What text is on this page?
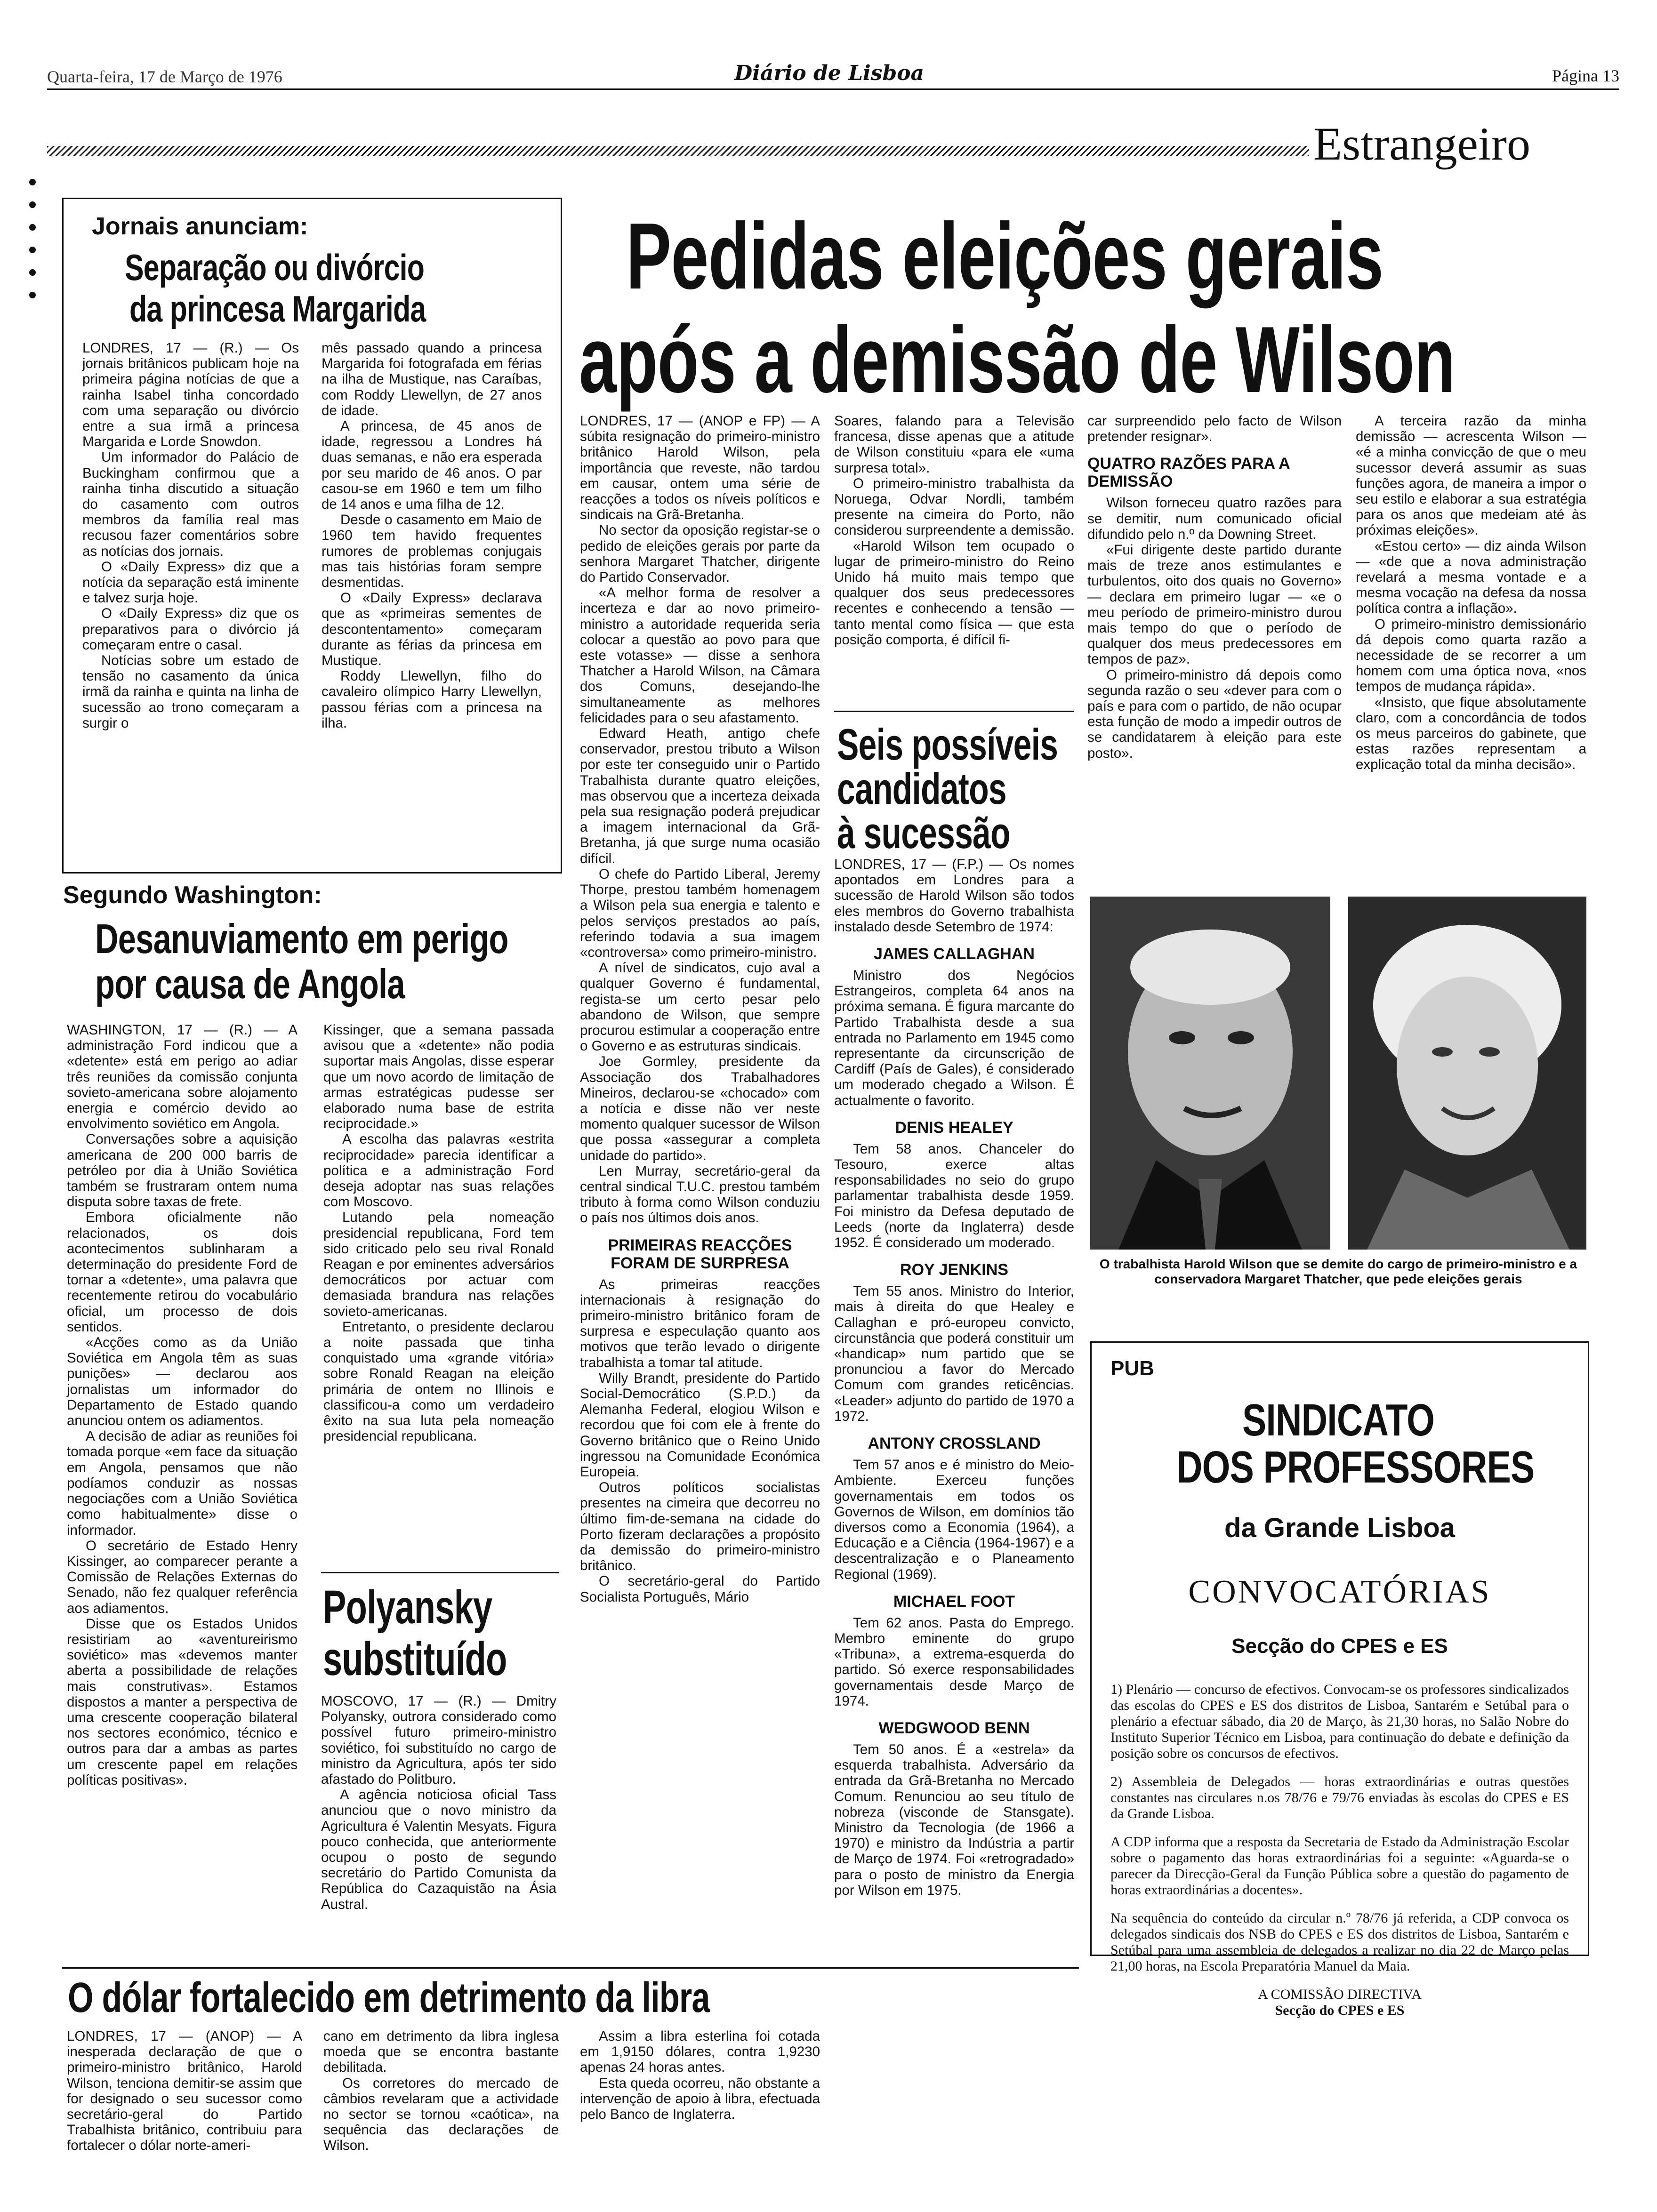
Quarta-feira, 17 de Março de 1976	Diário de Lisboa	Página 13
Estrangeiro
Jornais anunciam:
Separação ou divórcio
da princesa Margarida

LONDRES, 17 — (R.) — Os jornais britânicos publicam hoje na primeira página notícias de que a rainha Isabel tinha concordado com uma separação ou divórcio entre a sua irmã a princesa Margarida e Lorde Snowdon.

Um informador do Palácio de Buckingham confirmou que a rainha tinha discutido a situação do casamento com outros membros da família real mas recusou fazer comentários sobre as notícias dos jornais.

O «Daily Express» diz que a notícia da separação está iminente e talvez surja hoje.

O «Daily Express» diz que os preparativos para o divórcio já começaram entre o casal.

Notícias sobre um estado de tensão no casamento da única irmã da rainha e quinta na linha de sucessão ao trono começaram a surgir o

mês passado quando a princesa Margarida foi fotografada em férias na ilha de Mustique, nas Caraíbas, com Roddy Llewellyn, de 27 anos de idade.

A princesa, de 45 anos de idade, regressou a Londres há duas semanas, e não era esperada por seu marido de 46 anos. O par casou-se em 1960 e tem um filho de 14 anos e uma filha de 12.

Desde o casamento em Maio de 1960 tem havido frequentes rumores de problemas conjugais mas tais histórias foram sempre desmentidas.

O «Daily Express» declarava que as «primeiras sementes de descontentamento» começaram durante as férias da princesa em Mustique.

Roddy Llewellyn, filho do cavaleiro olímpico Harry Llewellyn, passou férias com a princesa na ilha.

Segundo Washington:
Desanuviamento em perigo
por causa de Angola

WASHINGTON, 17 — (R.) — A administração Ford indicou que a «detente» está em perigo ao adiar três reuniões da comissão conjunta sovieto-americana sobre alojamento energia e comércio devido ao envolvimento soviético em Angola.

Conversações sobre a aquisição americana de 200 000 barris de petróleo por dia à União Soviética também se frustraram ontem numa disputa sobre taxas de frete.

Embora oficialmente não relacionados, os dois acontecimentos sublinharam a determinação do presidente Ford de tornar a «detente», uma palavra que recentemente retirou do vocabulário oficial, um processo de dois sentidos.

«Acções como as da União Soviética em Angola têm as suas punições» — declarou aos jornalistas um informador do Departamento de Estado quando anunciou ontem os adiamentos.

A decisão de adiar as reuniões foi tomada porque «em face da situação em Angola, pensamos que não podíamos conduzir as nossas negociações com a União Soviética como habitualmente» disse o informador.

O secretário de Estado Henry Kissinger, ao comparecer perante a Comissão de Relações Externas do Senado, não fez qualquer referência aos adiamentos.

Disse que os Estados Unidos resistiriam ao «aventureirismo soviético» mas «devemos manter aberta a possibilidade de relações mais construtivas». Estamos dispostos a manter a perspectiva de uma crescente cooperação bilateral nos sectores económico, técnico e outros para dar a ambas as partes um crescente papel em relações políticas positivas».

Kissinger, que a semana passada avisou que a «detente» não podia suportar mais Angolas, disse esperar que um novo acordo de limitação de armas estratégicas pudesse ser elaborado numa base de estrita reciprocidade.»

A escolha das palavras «estrita reciprocidade» parecia identificar a política e a administração Ford deseja adoptar nas suas relações com Moscovo.

Lutando pela nomeação presidencial republicana, Ford tem sido criticado pelo seu rival Ronald Reagan e por eminentes adversários democráticos por actuar com demasiada brandura nas relações sovieto-americanas.

Entretanto, o presidente declarou a noite passada que tinha conquistado uma «grande vitória» sobre Ronald Reagan na eleição primária de ontem no Illinois e classificou-a como um verdadeiro êxito na sua luta pela nomeação presidencial republicana.

Polyansky
substituído

MOSCOVO, 17 — (R.) — Dmitry Polyansky, outrora considerado como possível futuro primeiro-ministro soviético, foi substituído no cargo de ministro da Agricultura, após ter sido afastado do Politburo.

A agência noticiosa oficial Tass anunciou que o novo ministro da Agricultura é Valentin Mesyats. Figura pouco conhecida, que anteriormente ocupou o posto de segundo secretário do Partido Comunista da República do Cazaquistão na Ásia Austral.

Pedidas eleições gerais
após a demissão de Wilson

LONDRES, 17 — (ANOP e FP) — A súbita resignação do primeiro-ministro britânico Harold Wilson, pela importância que reveste, não tardou em causar, ontem uma série de reacções a todos os níveis políticos e sindicais na Grã-Bretanha.

No sector da oposição registar-se o pedido de eleições gerais por parte da senhora Margaret Thatcher, dirigente do Partido Conservador.

«A melhor forma de resolver a incerteza e dar ao novo primeiro-ministro a autoridade requerida seria colocar a questão ao povo para que este votasse» — disse a senhora Thatcher a Harold Wilson, na Câmara dos Comuns, desejando-lhe simultaneamente as melhores felicidades para o seu afastamento.

Edward Heath, antigo chefe conservador, prestou tributo a Wilson por este ter conseguido unir o Partido Trabalhista durante quatro eleições, mas observou que a incerteza deixada pela sua resignação poderá prejudicar a imagem internacional da Grã-Bretanha, já que surge numa ocasião difícil.

O chefe do Partido Liberal, Jeremy Thorpe, prestou também homenagem a Wilson pela sua energia e talento e pelos serviços prestados ao país, referindo todavia a sua imagem «controversa» como primeiro-ministro.

A nível de sindicatos, cujo aval a qualquer Governo é fundamental, regista-se um certo pesar pelo abandono de Wilson, que sempre procurou estimular a cooperação entre o Governo e as estruturas sindicais.

Joe Gormley, presidente da Associação dos Trabalhadores Mineiros, declarou-se «chocado» com a notícia e disse não ver neste momento qualquer sucessor de Wilson que possa «assegurar a completa unidade do partido».

Len Murray, secretário-geral da central sindical T.U.C. prestou também tributo à forma como Wilson conduziu o país nos últimos dois anos.

PRIMEIRAS REACÇÕES FORAM DE SURPRESA

As primeiras reacções internacionais à resignação do primeiro-ministro britânico foram de surpresa e especulação quanto aos motivos que terão levado o dirigente trabalhista a tomar tal atitude.

Willy Brandt, presidente do Partido Social-Democrático (S.P.D.) da Alemanha Federal, elogiou Wilson e recordou que foi com ele à frente do Governo britânico que o Reino Unido ingressou na Comunidade Económica Europeia.

Outros políticos socialistas presentes na cimeira que decorreu no último fim-de-semana na cidade do Porto fizeram declarações a propósito da demissão do primeiro-ministro britânico.

O secretário-geral do Partido Socialista Português, Mário

Soares, falando para a Televisão francesa, disse apenas que a atitude de Wilson constituiu «para ele «uma surpresa total».

O primeiro-ministro trabalhista da Noruega, Odvar Nordli, também presente na cimeira do Porto, não considerou surpreendente a demissão.

«Harold Wilson tem ocupado o lugar de primeiro-ministro do Reino Unido há muito mais tempo que qualquer dos seus predecessores recentes e conhecendo a tensão — tanto mental como física — que esta posição comporta, é difícil fi-

Seis possíveis
candidatos
à sucessão

LONDRES, 17 — (F.P.) — Os nomes apontados em Londres para a sucessão de Harold Wilson são todos eles membros do Governo trabalhista instalado desde Setembro de 1974:

JAMES CALLAGHAN

Ministro dos Negócios Estrangeiros, completa 64 anos na próxima semana. É figura marcante do Partido Trabalhista desde a sua entrada no Parlamento em 1945 como representante da circunscrição de Cardiff (País de Gales), é considerado um moderado chegado a Wilson. É actualmente o favorito.

DENIS HEALEY

Tem 58 anos. Chanceler do Tesouro, exerce altas responsabilidades no seio do grupo parlamentar trabalhista desde 1959. Foi ministro da Defesa deputado de Leeds (norte da Inglaterra) desde 1952. É considerado um moderado.

ROY JENKINS

Tem 55 anos. Ministro do Interior, mais à direita do que Healey e Callaghan e pró-europeu convicto, circunstância que poderá constituir um «handicap» num partido que se pronunciou a favor do Mercado Comum com grandes reticências. «Leader» adjunto do partido de 1970 a 1972.

ANTONY CROSSLAND

Tem 57 anos e é ministro do Meio-Ambiente. Exerceu funções governamentais em todos os Governos de Wilson, em domínios tão diversos como a Economia (1964), a Educação e a Ciência (1964-1967) e a descentralização e o Planeamento Regional (1969).

MICHAEL FOOT

Tem 62 anos. Pasta do Emprego. Membro eminente do grupo «Tribuna», a extrema-esquerda do partido. Só exerce responsabilidades governamentais desde Março de 1974.

WEDGWOOD BENN

Tem 50 anos. É a «estrela» da esquerda trabalhista. Adversário da entrada da Grã-Bretanha no Mercado Comum. Renunciou ao seu título de nobreza (visconde de Stansgate). Ministro da Tecnologia (de 1966 a 1970) e ministro da Indústria a partir de Março de 1974. Foi «retrogradado» para o posto de ministro da Energia por Wilson em 1975.

car surpreendido pelo facto de Wilson pretender resignar».

QUATRO RAZÕES PARA A DEMISSÃO

Wilson forneceu quatro razões para se demitir, num comunicado oficial difundido pelo n.º da Downing Street.

«Fui dirigente deste partido durante mais de treze anos estimulantes e turbulentos, oito dos quais no Governo» — declara em primeiro lugar — «e o meu período de primeiro-ministro durou mais tempo do que o período de qualquer dos meus predecessores em tempos de paz».

O primeiro-ministro dá depois como segunda razão o seu «dever para com o país e para com o partido, de não ocupar esta função de modo a impedir outros de se candidatarem à eleição para este posto».

A terceira razão da minha demissão — acrescenta Wilson — «é a minha convicção de que o meu sucessor deverá assumir as suas funções agora, de maneira a impor o seu estilo e elaborar a sua estratégia para os anos que medeiam até às próximas eleições».

«Estou certo» — diz ainda Wilson — «de que a nova administração revelará a mesma vontade e a mesma vocação na defesa da nossa política contra a inflação».

O primeiro-ministro demissionário dá depois como quarta razão a necessidade de se recorrer a um homem com uma óptica nova, «nos tempos de mudança rápida».

«Insisto, que fique absolutamente claro, com a concordância de todos os meus parceiros do gabinete, que estas razões representam a explicação total da minha decisão».

O trabalhista Harold Wilson que se demite do cargo de primeiro-ministro e a conservadora Margaret Thatcher, que pede eleições gerais
PUB
SINDICATO
DOS PROFESSORES
da Grande Lisboa
CONVOCATÓRIAS
Secção do CPES e ES

1) Plenário — concurso de efectivos. Convocam-se os professores sindicalizados das escolas do CPES e ES dos distritos de Lisboa, Santarém e Setúbal para o plenário a efectuar sábado, dia 20 de Março, às 21,30 horas, no Salão Nobre do Instituto Superior Técnico em Lisboa, para continuação do debate e definição da posição sobre os concursos de efectivos.

2) Assembleia de Delegados — horas extraordinárias e outras questões constantes nas circulares n.os 78/76 e 79/76 enviadas às escolas do CPES e ES da Grande Lisboa.

A CDP informa que a resposta da Secretaria de Estado da Administração Escolar sobre o pagamento das horas extraordinárias foi a seguinte: «Aguarda-se o parecer da Direcção-Geral da Função Pública sobre a questão do pagamento de horas extraordinárias a docentes».

Na sequência do conteúdo da circular n.º 78/76 já referida, a CDP convoca os delegados sindicais dos NSB do CPES e ES dos distritos de Lisboa, Santarém e Setúbal para uma assembleia de delegados a realizar no dia 22 de Março pelas 21,00 horas, na Escola Preparatória Manuel da Maia.

A COMISSÃO DIRECTIVA
Secção do CPES e ES
O dólar fortalecido em detrimento da libra

LONDRES, 17 — (ANOP) — A inesperada declaração de que o primeiro-ministro britânico, Harold Wilson, tenciona demitir-se assim que for designado o seu sucessor como secretário-geral do Partido Trabalhista britânico, contribuiu para fortalecer o dólar norte-ameri-

cano em detrimento da libra inglesa moeda que se encontra bastante debilitada.

Os corretores do mercado de câmbios revelaram que a actividade no sector se tornou «caótica», na sequência das declarações de Wilson.

Assim a libra esterlina foi cotada em 1,9150 dólares, contra 1,9230 apenas 24 horas antes.

Esta queda ocorreu, não obstante a intervenção de apoio à libra, efectuada pelo Banco de Inglaterra.
